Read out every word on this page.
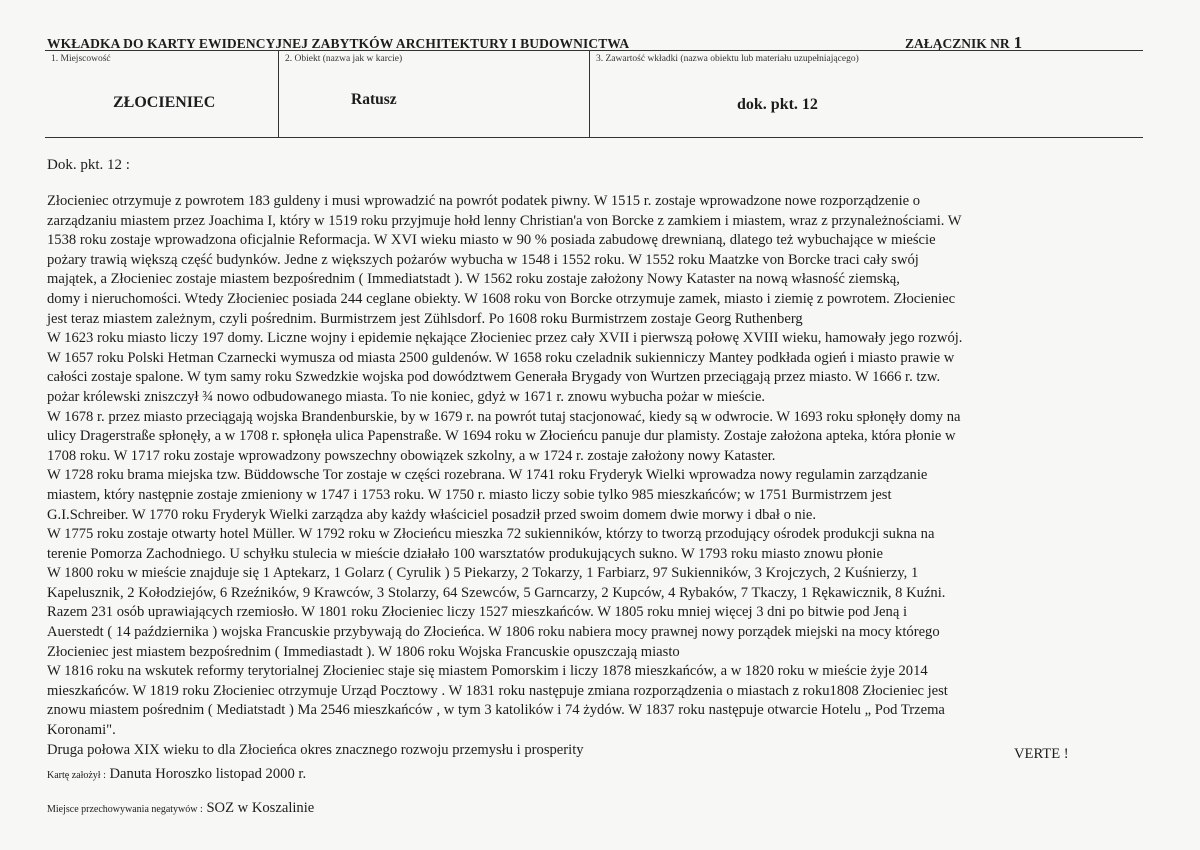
WKŁADKA DO KARTY EWIDENCYJNEJ ZABYTKÓW ARCHITEKTURY I BUDOWNICTWA	ZAŁĄCZNIK NR 1
1. Miejscowość
ZŁOCIENIEC
2. Obiekt (nazwa jak w karcie)
Ratusz
3. Zawartość wkładki (nazwa obiektu lub materiału uzupełniającego)
dok. pkt. 12
Dok. pkt. 12 :
Złocieniec otrzymuje z powrotem 183 guldeny i musi wprowadzić na powrót podatek piwny. W 1515 r. zostaje wprowadzone nowe rozporządzenie o
zarządzaniu miastem przez Joachima I, który w 1519 roku przyjmuje hołd lenny Christian'a von Borcke z zamkiem i miastem, wraz z przynależnościami. W
1538 roku zostaje wprowadzona oficjalnie Reformacja. W XVI wieku miasto w 90 % posiada zabudowę drewnianą, dlatego też wybuchające w mieście
pożary trawią większą część budynków. Jedne z większych pożarów wybucha w 1548 i 1552 roku. W 1552 roku Maatzke von Borcke traci cały swój
majątek, a Złocieniec zostaje miastem bezpośrednim ( Immediatstadt ). W 1562 roku zostaje założony Nowy Kataster na nową własność ziemską,
domy i nieruchomości. Wtedy Złocieniec posiada 244 ceglane obiekty. W 1608 roku von Borcke otrzymuje zamek, miasto i ziemię z powrotem. Złocieniec
jest teraz miastem zależnym, czyli pośrednim. Burmistrzem jest Zühlsdorf. Po 1608 roku Burmistrzem zostaje Georg Ruthenberg
W 1623 roku miasto liczy 197 domy. Liczne wojny i epidemie nękające Złocieniec przez cały XVII i pierwszą połowę XVIII wieku, hamowały jego rozwój.
W 1657 roku Polski Hetman Czarnecki wymusza od miasta 2500 guldenów. W 1658 roku czeladnik sukienniczy Mantey podkłada ogień i miasto prawie w
całości zostaje spalone. W tym samy roku Szwedzkie wojska pod dowództwem Generała Brygady von Wurtzen przeciągają przez miasto. W 1666 r. tzw.
pożar królewski zniszczył ¾ nowo odbudowanego miasta. To nie koniec, gdyż w 1671 r. znowu wybucha pożar w mieście.
W 1678 r. przez miasto przeciągają wojska Brandenburskie, by w 1679 r. na powrót tutaj stacjonować, kiedy są w odwrocie. W 1693 roku spłonęły domy na
ulicy Dragerstraße spłonęły, a w 1708 r. spłonęła ulica Papenstraße. W 1694 roku w Złocieńcu panuje dur plamisty. Zostaje założona apteka, która płonie w
1708 roku. W 1717 roku zostaje wprowadzony powszechny obowiązek szkolny, a w 1724 r. zostaje założony nowy Kataster.
W 1728 roku brama miejska tzw. Büddowsche Tor zostaje w części rozebrana. W 1741 roku Fryderyk Wielki wprowadza nowy regulamin zarządzanie
miastem, który następnie zostaje zmieniony w 1747 i 1753 roku. W 1750 r. miasto liczy sobie tylko 985 mieszkańców; w 1751 Burmistrzem jest
G.I.Schreiber. W 1770 roku Fryderyk Wielki zarządza aby każdy właściciel posadził przed swoim domem dwie morwy i dbał o nie.
W 1775 roku zostaje otwarty hotel Müller. W 1792 roku w Złocieńcu mieszka 72 sukienników, którzy to tworzą przodujący ośrodek produkcji sukna na
terenie Pomorza Zachodniego. U schyłku stulecia w mieście działało 100 warsztatów produkujących sukno. W 1793 roku miasto znowu płonie
W 1800 roku w mieście znajduje się 1 Aptekarz, 1 Golarz ( Cyrulik ) 5 Piekarzy, 2 Tokarzy, 1 Farbiarz, 97 Sukienników, 3 Krojczych, 2 Kuśnierzy, 1
Kapelusznik, 2 Kołodziejów, 6 Rzeźników, 9 Krawców, 3 Stolarzy, 64 Szewców, 5 Garncarzy, 2 Kupców, 4 Rybaków, 7 Tkaczy, 1 Rękawicznik, 8 Kuźni.
Razem 231 osób uprawiających rzemiosło. W 1801 roku Złocieniec liczy 1527 mieszkańców. W 1805 roku mniej więcej 3 dni po bitwie pod Jeną i
Auerstedt ( 14 października ) wojska Francuskie przybywają do Złocieńca. W 1806 roku nabiera mocy prawnej nowy porządek miejski na mocy którego
Złocieniec jest miastem bezpośrednim ( Immediastadt ). W 1806 roku Wojska Francuskie opuszczają miasto
W 1816 roku na wskutek reformy terytorialnej Złocieniec staje się miastem Pomorskim i liczy 1878 mieszkańców, a w 1820 roku w mieście żyje 2014
mieszkańców. W 1819 roku Złocieniec otrzymuje Urząd Pocztowy . W 1831 roku następuje zmiana rozporządzenia o miastach z roku1808 Złocieniec jest
znowu miastem pośrednim ( Mediatstadt ) Ma 2546 mieszkańców , w tym 3 katolików i 74 żydów. W 1837 roku następuje otwarcie Hotelu „ Pod Trzema
Koronami".
Druga połowa XIX wieku to dla Złocieńca okres znacznego rozwoju przemysłu i prosperity	VERTE !
Kartę założył : Danuta Horoszko listopad 2000 r.
Miejsce przechowywania negatywów : SOZ w Koszalinie
